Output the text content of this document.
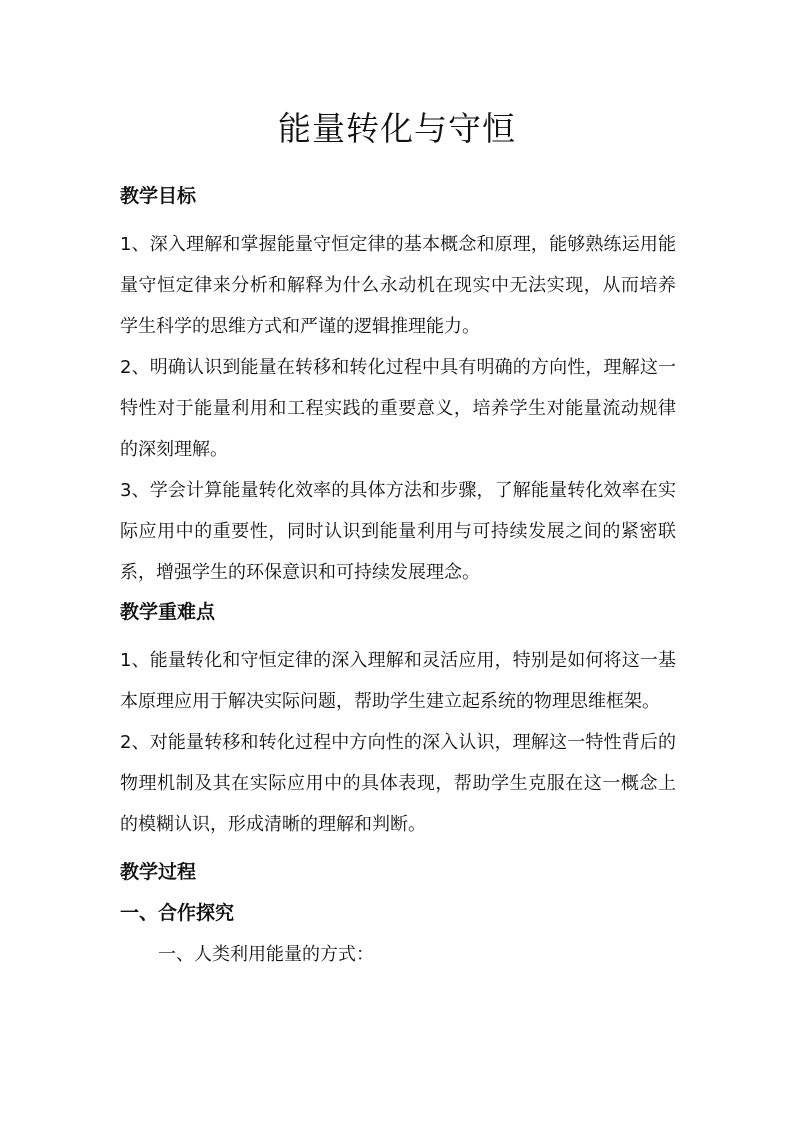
能量转化与守恒
教学目标

1、深入理解和掌握能量守恒定律的基本概念和原理，能够熟练运用能量守恒定律来分析和解释为什么永动机在现实中无法实现，从而培养学生科学的思维方式和严谨的逻辑推理能力。

2、明确认识到能量在转移和转化过程中具有明确的方向性，理解这一特性对于能量利用和工程实践的重要意义，培养学生对能量流动规律的深刻理解。

3、学会计算能量转化效率的具体方法和步骤，了解能量转化效率在实际应用中的重要性，同时认识到能量利用与可持续发展之间的紧密联系，增强学生的环保意识和可持续发展理念。

教学重难点

1、能量转化和守恒定律的深入理解和灵活应用，特别是如何将这一基本原理应用于解决实际问题，帮助学生建立起系统的物理思维框架。

2、对能量转移和转化过程中方向性的深入认识，理解这一特性背后的物理机制及其在实际应用中的具体表现，帮助学生克服在这一概念上的模糊认识，形成清晰的理解和判断。

教学过程
一、合作探究

一、人类利用能量的方式：
